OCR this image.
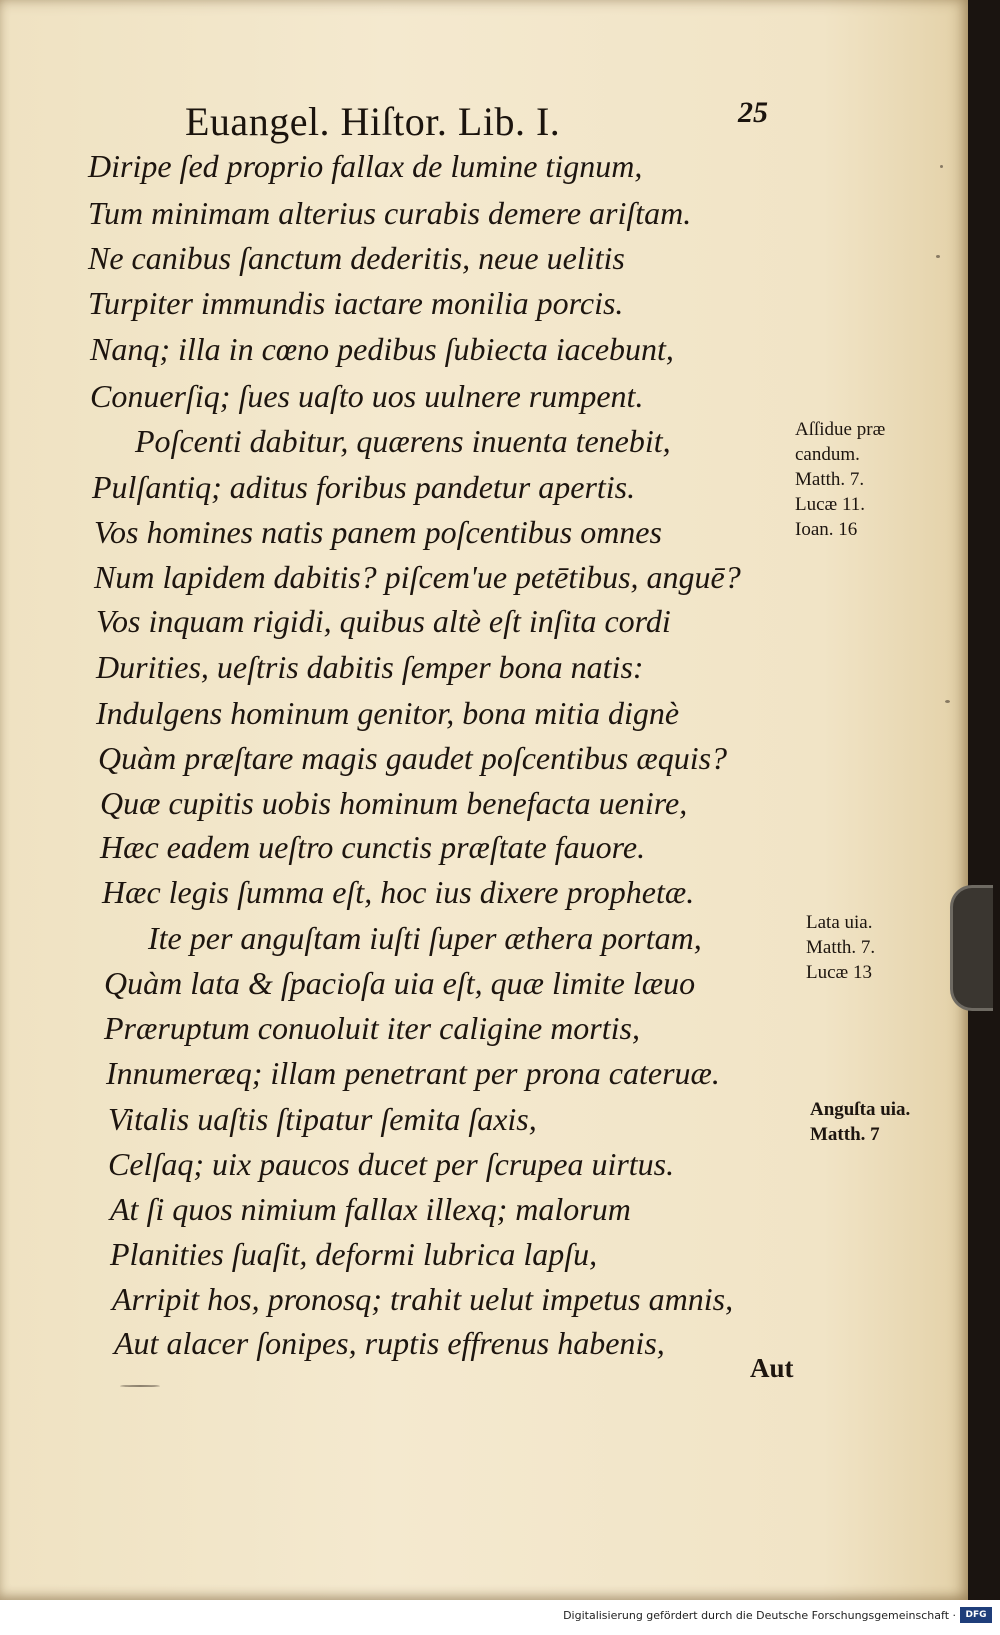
Euangel. Hiſtor. Lib. I.	25
Diripe ſed proprio fallax de lumine tignum,
Tum minimam alterius curabis demere ariſtam.
Ne canibus ſanctum dederitis, neue uelitis
Turpiter immundis iactare monilia porcis.
Nanq; illa in cœno pedibus ſubiecta iacebunt,
Conuerſiq; ſues uaſto uos uulnere rumpent.
Poſcenti dabitur, quærens inuenta tenebit,
Pulſantiq; aditus foribus pandetur apertis.
Vos homines natis panem poſcentibus omnes
Num lapidem dabitis? piſcem'ue petētibus, anguē?
Vos inquam rigidi, quibus altè eſt inſita cordi
Durities, ueſtris dabitis ſemper bona natis:
Indulgens hominum genitor, bona mitia dignè
Quàm præſtare magis gaudet poſcentibus æquis?
Quæ cupitis uobis hominum benefacta uenire,
Hæc eadem ueſtro cunctis præſtate fauore.
Hæc legis ſumma eſt, hoc ius dixere prophetæ.
Ite per anguſtam iuſti ſuper æthera portam,
Quàm lata & ſpacioſa uia eſt, quæ limite læuo
Præruptum conuoluit iter caligine mortis,
Innumeræq; illam penetrant per prona cateruæ.
Vitalis uaſtis ſtipatur ſemita ſaxis,
Celſaq; uix paucos ducet per ſcrupea uirtus.
At ſi quos nimium fallax illexq; malorum
Planities ſuaſit, deformi lubrica lapſu,
Arripit hos, pronosq; trahit uelut impetus amnis,
Aut alacer ſonipes, ruptis effrenus habenis,
Aſſidue præ
candum.
Matth. 7.
Lucæ 11.
Ioan. 16
Lata uia.
Matth. 7.
Lucæ 13
Anguſta uia.
Matth. 7
Aut
Digitalisierung gefördert durch die Deutsche Forschungsgemeinschaft ·	DFG
